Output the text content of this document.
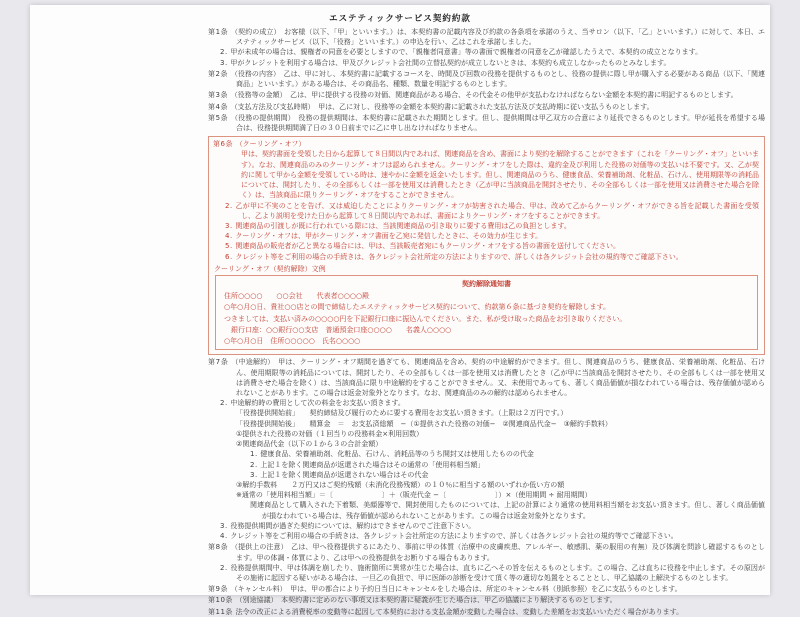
エステティックサービス契約約款
第1条 （契約の成立）　お客様（以下、「甲」といいます。）は、本契約書の記載内容及び約款の各条項を承諾のうえ、当サロン（以下、「乙」といいます。）に対して、本日、エステティックサービス（以下、「役務」といいます。）の申込を行い、乙はこれを承諾しました。
2. 甲が未成年の場合は、親権者の同意を必要としますので、「親権者同意書」等の書面で親権者の同意を乙が確認したうえで、本契約の成立となります。
3. 甲がクレジットを利用する場合は、甲及びクレジット会社間の立替払契約が成立しないときは、本契約も成立しなかったものとみなします。
第2条 （役務の内容）　乙は、甲に対し、本契約書に記載するコースを、時間及び回数の役務を提供するものとし、役務の提供に際し甲が購入する必要がある商品（以下、「関連商品」といいます。）がある場合は、その商品名、種類、数量を明記するものとします。
第3条 （役務等の金額）　乙は、甲に提供する役務の対価、関連商品がある場合、その代金その他甲が支払わなければならない金額を本契約書に明記するものとします。
第4条 （支払方法及び支払時期）　甲は、乙に対し、役務等の金額を本契約書に記載された支払方法及び支払時期に従い支払うものとします。
第5条 （役務の提供期間）　役務の提供期間は、本契約書に記載された期間とします。但し、提供期間は甲乙双方の合意により延長できるものとします。甲が延長を希望する場合は、役務提供期間満了日の３０日前までに乙に申し出なければなりません。
第6条 （クーリング・オフ）　
甲は、契約書面を受領した日から起算して８日間以内であれば、関連商品を含め、書面により契約を解除することができます（これを「クーリング・オフ」といいます）。なお、関連商品のみのクーリング・オフは認められません。クーリング・オフをした際は、違約金及び利用した役務の対価等の支払いは不要です。又、乙が契約に関して甲から金額を受領している時は、速やかに金額を返金いたします。但し、関連商品のうち、健康食品、栄養補助剤、化粧品、石けん、使用期限等の消耗品については、開封したり、その全部もしくは一部を使用又は消費したとき（乙が甲に当該商品を開封させたり、その全部もしくは一部を使用又は消費させた場合を除く）は、当該商品に限りクーリング・オフをすることができません。
2. 乙が甲に不実のことを告げ、又は威迫したことによりクーリング・オフが妨害された場合、甲は、改めて乙からクーリング・オフができる旨を記載した書面を受領し、乙より説明を受けた日から起算して８日間以内であれば、書面によりクーリング・オフをすることができます。
3. 関連商品の引渡しが既に行われている際には、当該関連商品の引き取りに要する費用は乙の負担とします。
4. クーリング・オフは、甲がクーリング・オフ書面を乙宛に発信したときに、その効力が生じます。
5. 関連商品の販売者が乙と異なる場合には、甲は、当該販売者宛にもクーリング・オフをする旨の書面を送付してください。
6. クレジット等をご利用の場合の手続きは、各クレジット会社所定の方法によりますので、詳しくは各クレジット会社の規約等でご確認下さい。
クーリング・オフ（契約解除）文例
契約解除通知書
住所○○○○　　○○会社　　代表者○○○○殿
○年○月○日、貴社○○店との間で締結したエステティックサービス契約について、約款第６条に基づき契約を解除します。
つきましては、支払い済みの○○○○円を下記銀行口座に振込んでください。また、私が受け取った商品をお引き取りください。
　銀行口座：○○銀行○○支店　普通預金口座○○○○　　名義人○○○○
○年○月○日　住所○○○○○　氏名○○○○
第7条 （中途解約）　甲は、クーリング・オフ期間を過ぎても、関連商品を含め、契約の中途解約ができます。但し、関連商品のうち、健康食品、栄養補助剤、化粧品、石けん、使用期限等の消耗品については、開封したり、その全部もしくは一部を使用又は消費したとき（乙が甲に当該商品を開封させたり、その全部もしくは一部を使用又は消費させた場合を除く）は、当該商品に限り中途解約をすることができません。又、未使用であっても、著しく商品価値が損なわれている場合は、残存価値が認められないことがあります。この場合は返金対象外となります。なお、関連商品のみの解約は認められません。
2. 中途解約時の費用として次の料金をお支払い頂きます。
「役務提供開始前」　　契約締結及び履行のために要する費用をお支払い頂きます。（上限は２万円です。）
「役務提供開始後」　　精算金　＝　お支払済総額　−（①提供された役務の対価−　②関連商品代金−　③解約手数料）
①提供された役務の対価（１回当りの役務料金×利用回数）
②関連商品代金（以下の１から３の合計金額）
1. 健康食品、栄養補助剤、化粧品、石けん、消耗品等のうち開封又は使用したものの代金
2. 上記１を除く関連商品が返還された場合はその通常の「使用料相当額」
3. 上記１を除く関連商品が返還されない場合はその代金
③解約手数料　　２万円又はご契約残額（未消化役務残額）の１０％に相当する額のいずれか低い方の額
※通常の「使用料相当額」＝〔　　　　　　　〕＋（販売代金 −〔　　　　　　　〕）×（使用期間 ÷ 耐用期間）
関連商品として購入された下着類、美顔器等で、開封使用したものについては、上記の計算により通常の使用料相当額をお支払い頂きます。但し、著しく商品価値が損なわれている場合は、残存価値が認められないことがあります。この場合は返金対象外となります。
3. 役務提供期間が過ぎた契約については、解約はできませんのでご注意下さい。
4. クレジット等をご利用の場合の手続きは、各クレジット会社所定の方法によりますので、詳しくは各クレジット会社の規約等でご確認下さい。
第8条 （提供上の注意）　乙は、甲へ役務提供するにあたり、事前に甲の体質（治療中の皮膚疾患、アレルギー、敏感肌、薬の服用の有無）及び体調を問診し確認するものとします。甲の体調・体質により、乙は甲への役務提供をお断りする場合もあります。
2. 役務提供期間中、甲は体調を崩したり、施術箇所に異常が生じた場合は、直ちに乙へその旨を伝えるものとします。この場合、乙は直ちに役務を中止します。その原因がその施術に起因する疑いがある場合は、一旦乙の負担で、甲に医師の診断を受けて頂く等の適切な処置をとることとし、甲乙協議の上解決するものとします。
第9条 （キャンセル料）　甲は、甲の都合により予約日当日にキャンセルをした場合は、所定のキャンセル料（別紙参照）を乙に支払うものとします。
第10条 （別途協議）　本契約書に定めのない事項又は本契約書に疑義が生じた場合は、甲乙の協議により解決するものとします。
第11条 法令の改正による消費税率の変動等に起因して本契約における支払金額が変動した場合は、変動した差額をお支払いいただく場合があります。
